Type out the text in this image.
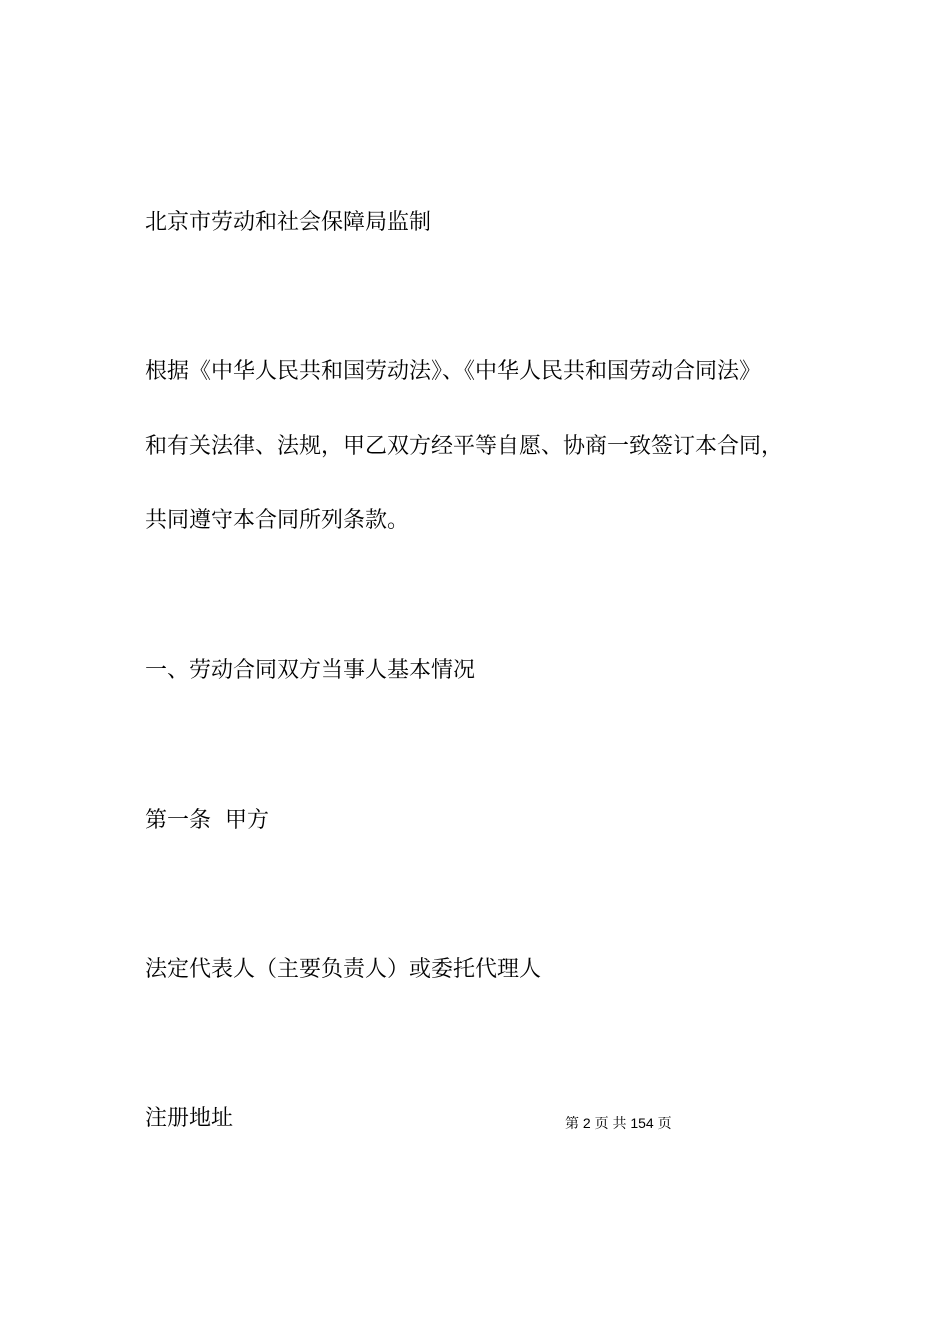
北京市劳动和社会保障局监制

根据《中华人民共和国劳动法》、《中华人民共和国劳动合同法》

和有关法律、法规，甲乙双方经平等自愿、协商一致签订本合同，

共同遵守本合同所列条款。

一、劳动合同双方当事人基本情况

第一条  甲方

法定代表人（主要负责人）或委托代理人

注册地址	第 2 页 共 154 页
